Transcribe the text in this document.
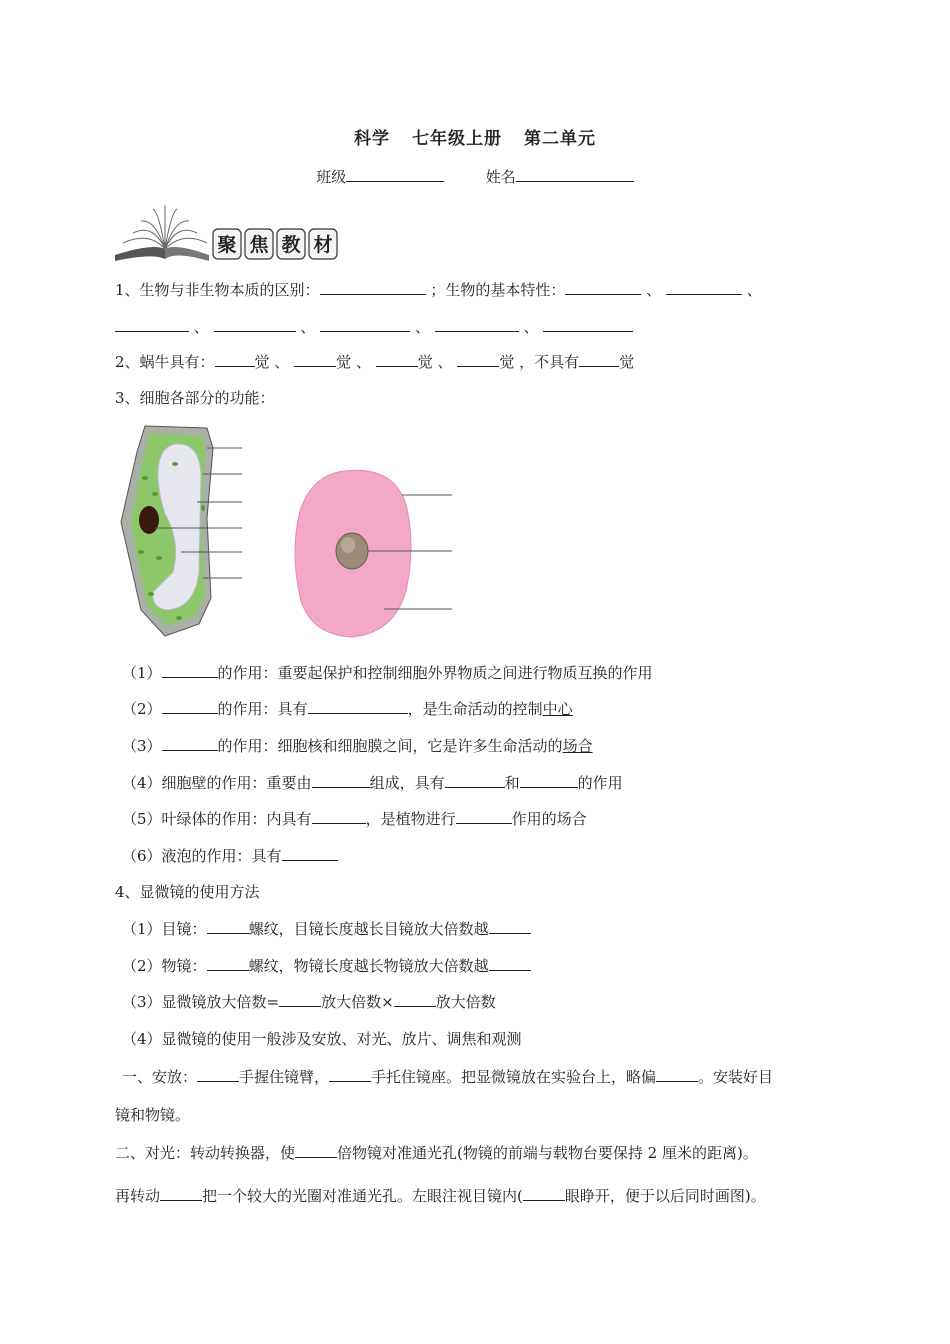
科学 七年级上册 第二单元
班级	姓名
聚 焦 教 材
1、生物与非生物本质的区别：	；生物的基本特性：	、	、
、	、	、	、
2、蜗牛具有：	觉 、	觉 、	觉 、	觉 ，不具有	觉
3、细胞各部分的功能：
（1）	的作用：重要起保护和控制细胞外界物质之间进行物质互换的作用
（2）	的作用：具有	，是生命活动的控制中心
（3）	的作用：细胞核和细胞膜之间，它是许多生命活动的场合
（4）细胞壁的作用：重要由	组成，具有	和	的作用
（5）叶绿体的作用：内具有	，是植物进行	作用的场合
（6）液泡的作用：具有
4、显微镜的使用方法
（1）目镜：	螺纹，目镜长度越长目镜放大倍数越
（2）物镜：	螺纹，物镜长度越长物镜放大倍数越
（3）显微镜放大倍数=	放大倍数×	放大倍数
（4）显微镜的使用一般涉及安放、对光、放片、调焦和观测
一、安放：	手握住镜臂，	手托住镜座。把显微镜放在实验台上，略偏	。安装好目
镜和物镜。
二、对光：转动转换器，使	倍物镜对准通光孔(物镜的前端与载物台要保持 2 厘米的距离)。
再转动	把一个较大的光圈对准通光孔。左眼注视目镜内(	眼睁开，便于以后同时画图)。
